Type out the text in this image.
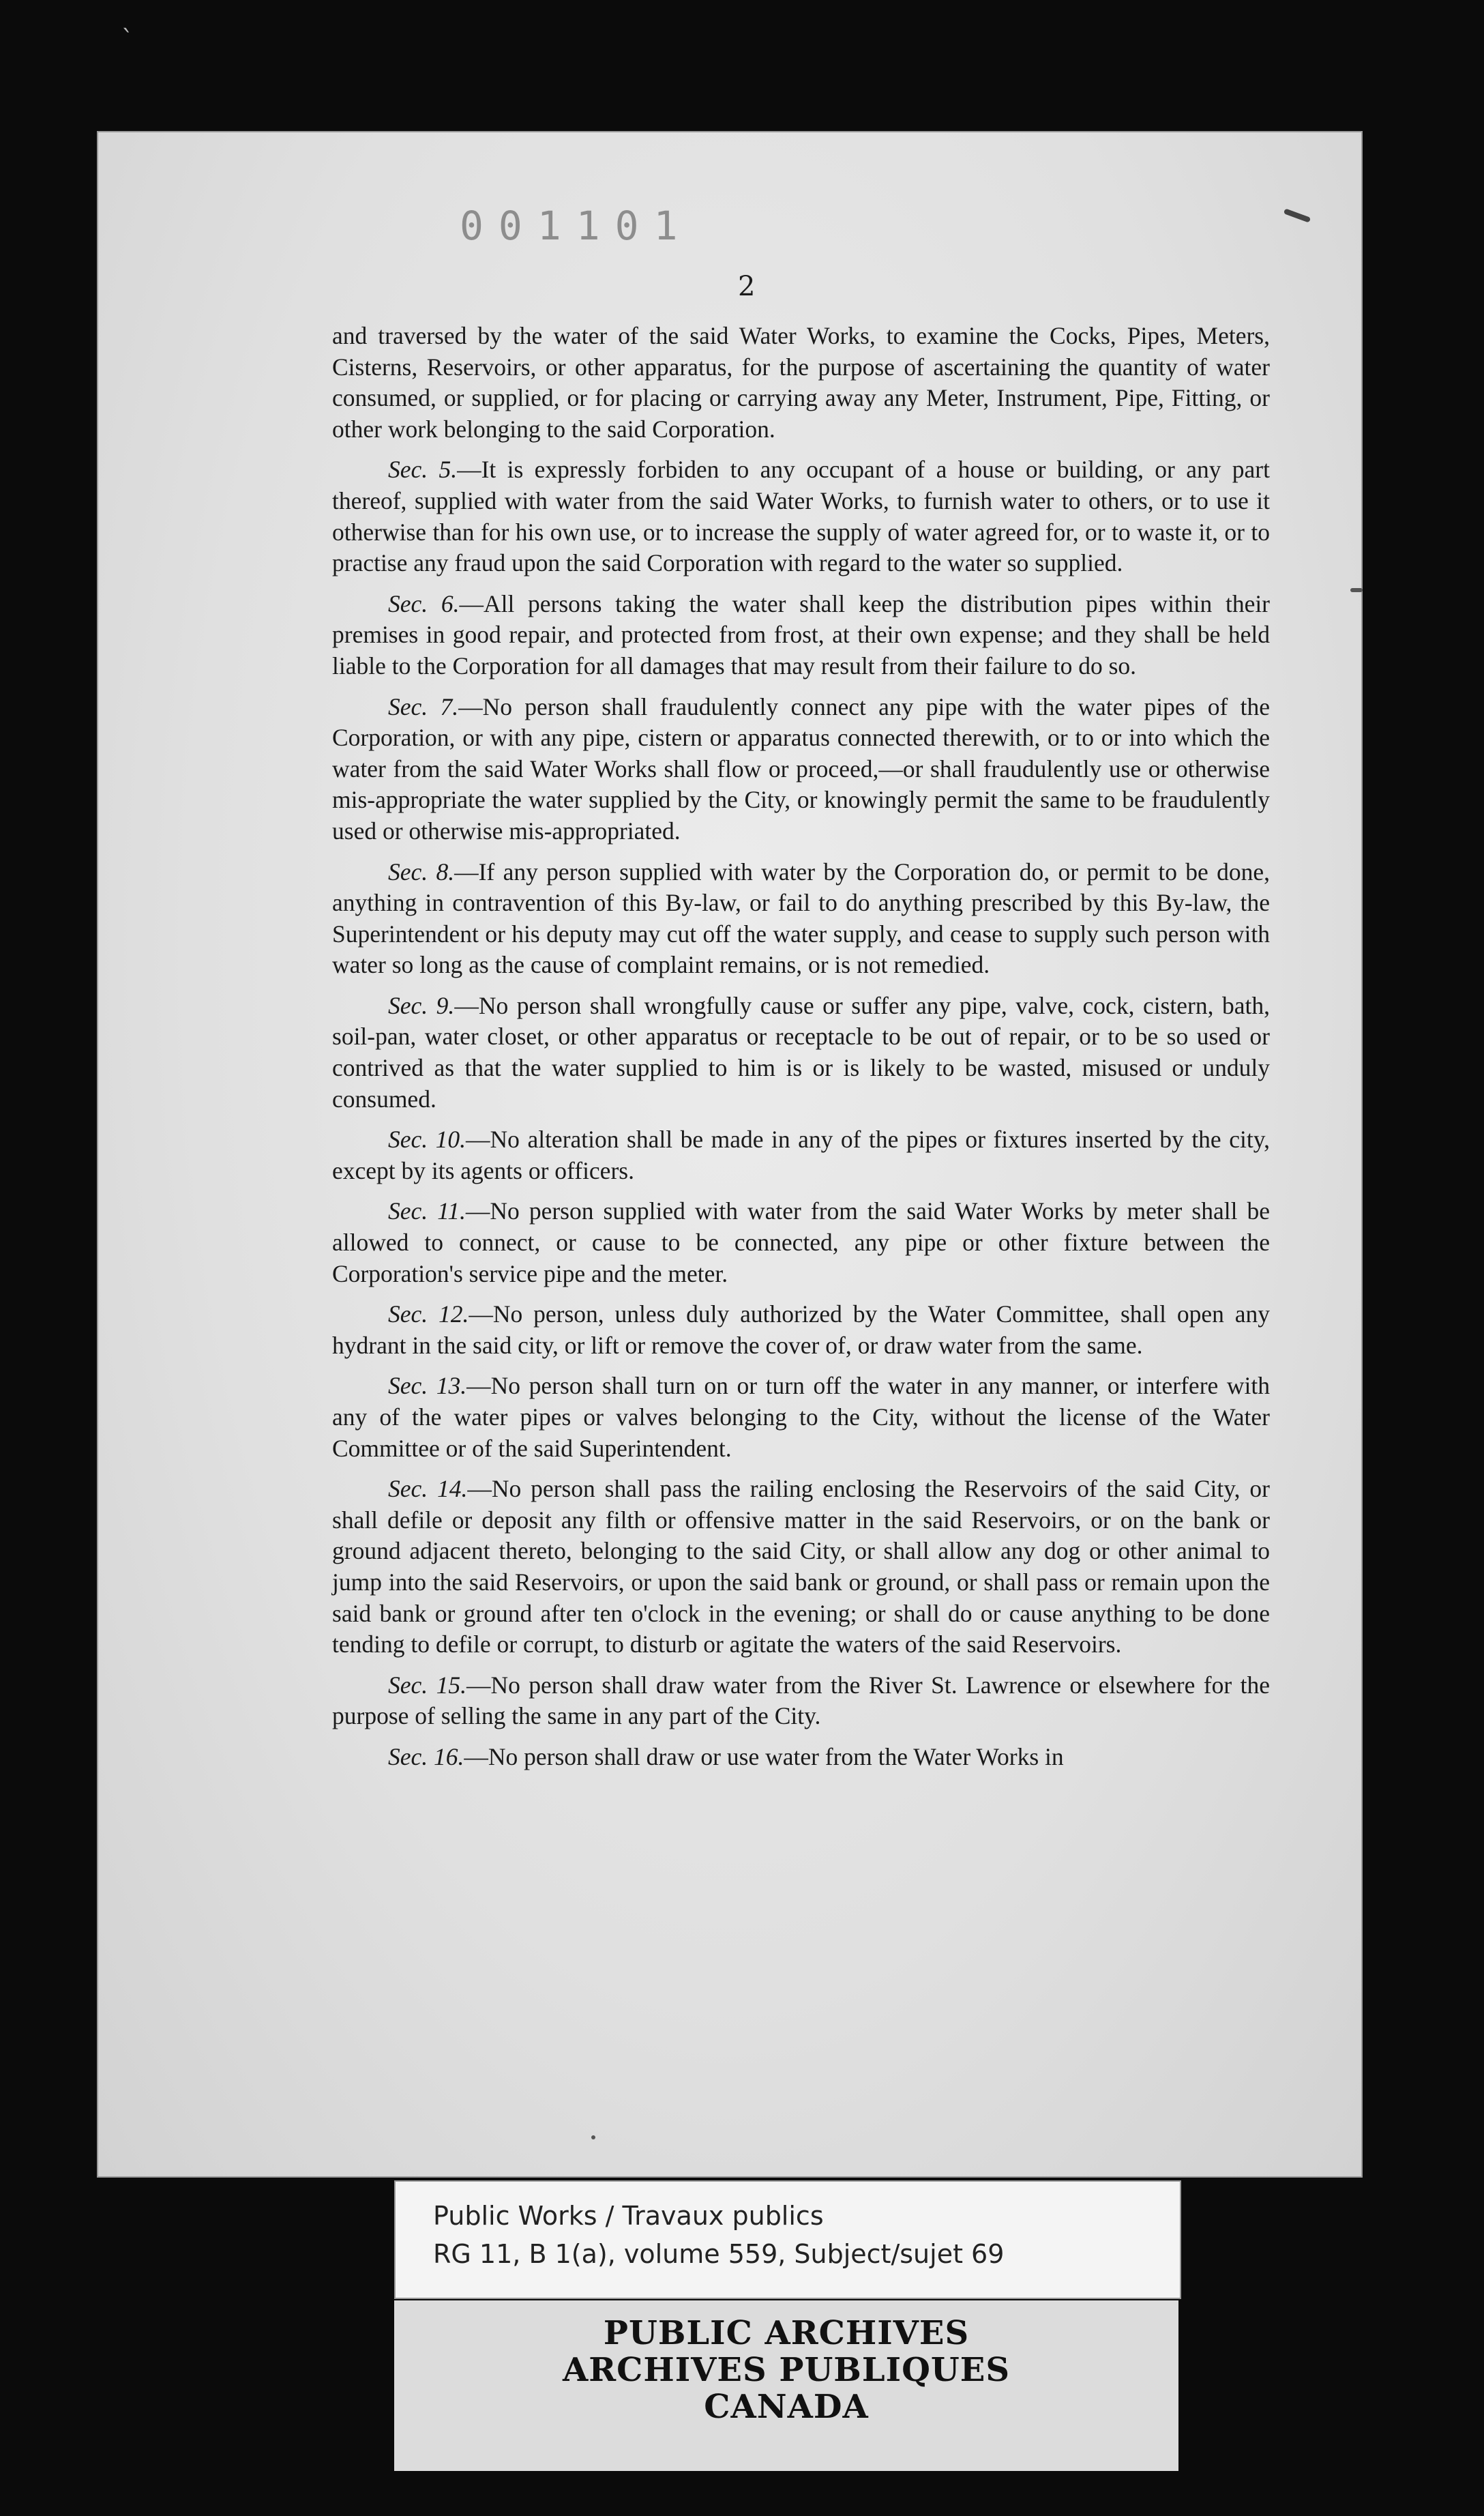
`
001101
2

and traversed by the water of the said Water Works, to examine the Cocks, Pipes, Meters, Cisterns, Reservoirs, or other apparatus, for the purpose of ascertaining the quantity of water consumed, or supplied, or for placing or carrying away any Meter, Instrument, Pipe, Fitting, or other work belonging to the said Corporation.

Sec. 5.—It is expressly forbiden to any occupant of a house or building, or any part thereof, supplied with water from the said Water Works, to furnish water to others, or to use it otherwise than for his own use, or to increase the supply of water agreed for, or to waste it, or to practise any fraud upon the said Corporation with regard to the water so supplied.

Sec. 6.—All persons taking the water shall keep the distribution pipes within their premises in good repair, and protected from frost, at their own expense; and they shall be held liable to the Corporation for all damages that may result from their failure to do so.

Sec. 7.—No person shall fraudulently connect any pipe with the water pipes of the Corporation, or with any pipe, cistern or apparatus connected therewith, or to or into which the water from the said Water Works shall flow or proceed,—or shall fraudulently use or otherwise mis-appropriate the water supplied by the City, or knowingly permit the same to be fraudulently used or otherwise mis-appropriated.

Sec. 8.—If any person supplied with water by the Corporation do, or permit to be done, anything in contravention of this By-law, or fail to do anything prescribed by this By-law, the Superintendent or his deputy may cut off the water supply, and cease to supply such person with water so long as the cause of complaint remains, or is not remedied.

Sec. 9.—No person shall wrongfully cause or suffer any pipe, valve, cock, cistern, bath, soil-pan, water closet, or other apparatus or receptacle to be out of repair, or to be so used or contrived as that the water supplied to him is or is likely to be wasted, misused or unduly consumed.

Sec. 10.—No alteration shall be made in any of the pipes or fixtures inserted by the city, except by its agents or officers.

Sec. 11.—No person supplied with water from the said Water Works by meter shall be allowed to connect, or cause to be connected, any pipe or other fixture between the Corporation's service pipe and the meter.

Sec. 12.—No person, unless duly authorized by the Water Committee, shall open any hydrant in the said city, or lift or remove the cover of, or draw water from the same.

Sec. 13.—No person shall turn on or turn off the water in any manner, or interfere with any of the water pipes or valves belonging to the City, without the license of the Water Committee or of the said Superintendent.

Sec. 14.—No person shall pass the railing enclosing the Reservoirs of the said City, or shall defile or deposit any filth or offensive matter in the said Reservoirs, or on the bank or ground adjacent thereto, belonging to the said City, or shall allow any dog or other animal to jump into the said Reservoirs, or upon the said bank or ground, or shall pass or remain upon the said bank or ground after ten o'clock in the evening; or shall do or cause anything to be done tending to defile or corrupt, to disturb or agitate the waters of the said Reservoirs.

Sec. 15.—No person shall draw water from the River St. Lawrence or elsewhere for the purpose of selling the same in any part of the City.

Sec. 16.—No person shall draw or use water from the Water Works in

Public Works / Travaux publics
RG 11, B 1(a), volume 559, Subject/sujet 69
PUBLIC ARCHIVES
ARCHIVES PUBLIQUES
CANADA
